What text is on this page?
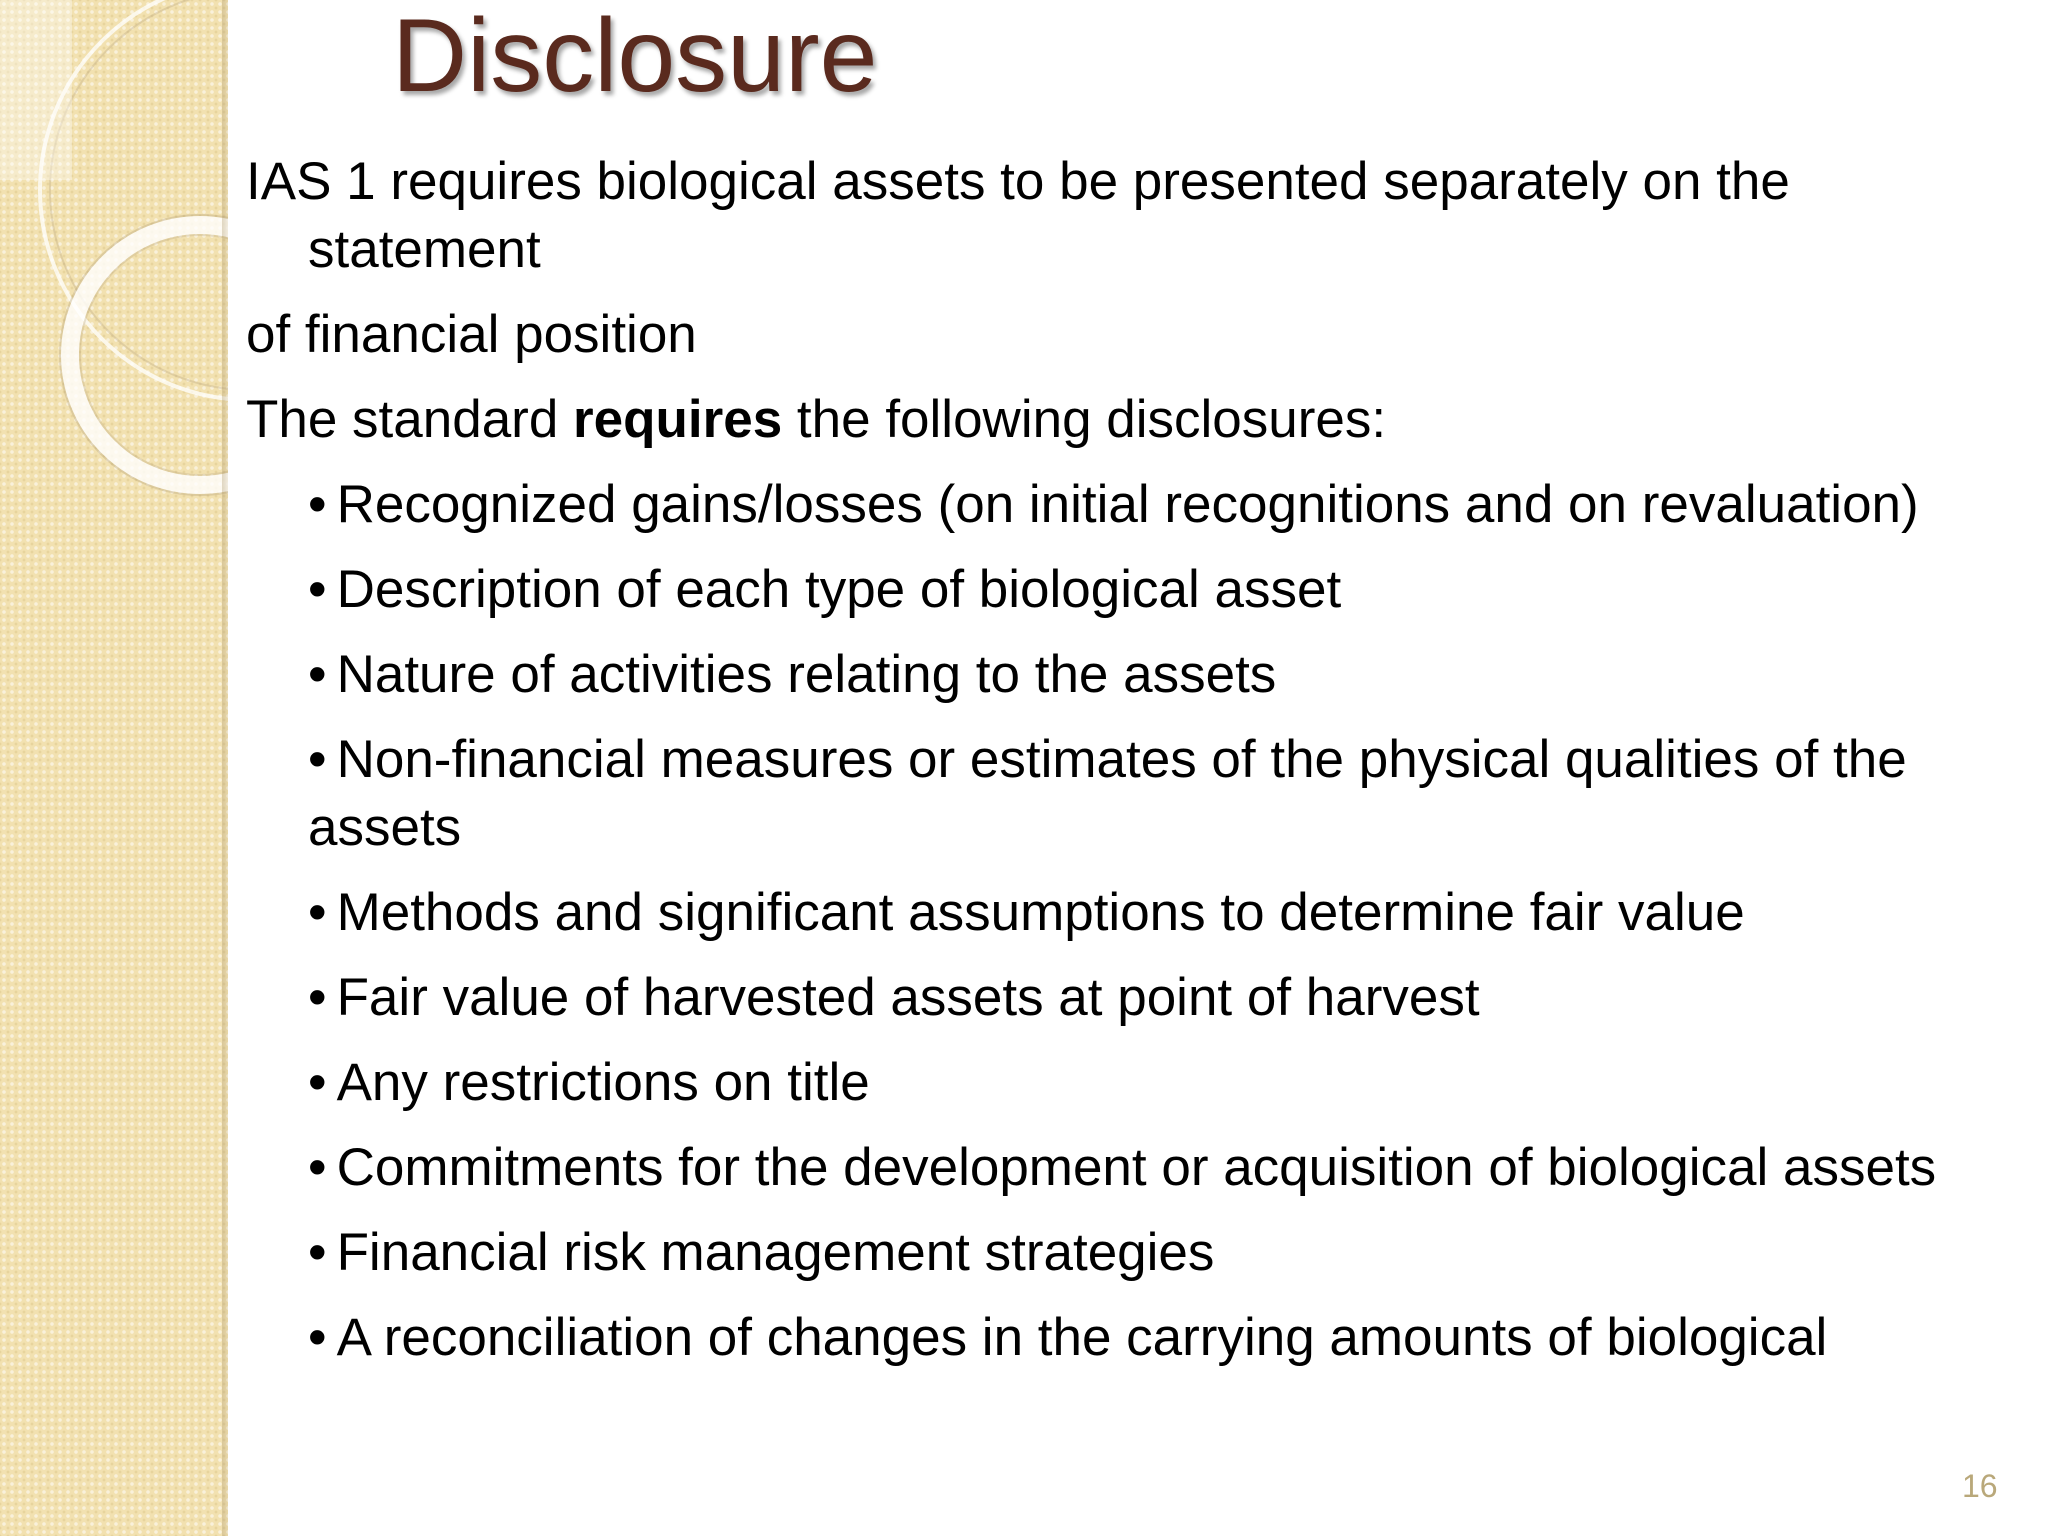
Disclosure

IAS 1 requires biological assets to be presented separately on the statement

of financial position

The standard requires the following disclosures:

• Recognized gains/losses (on initial recognitions and on revaluation)
• Description of each type of biological asset
• Nature of activities relating to the assets
• Non-financial measures or estimates of the physical qualities of the assets
• Methods and significant assumptions to determine fair value
• Fair value of harvested assets at point of harvest
• Any restrictions on title
• Commitments for the development or acquisition of biological assets
• Financial risk management strategies
• A reconciliation of changes in the carrying amounts of biological
16
